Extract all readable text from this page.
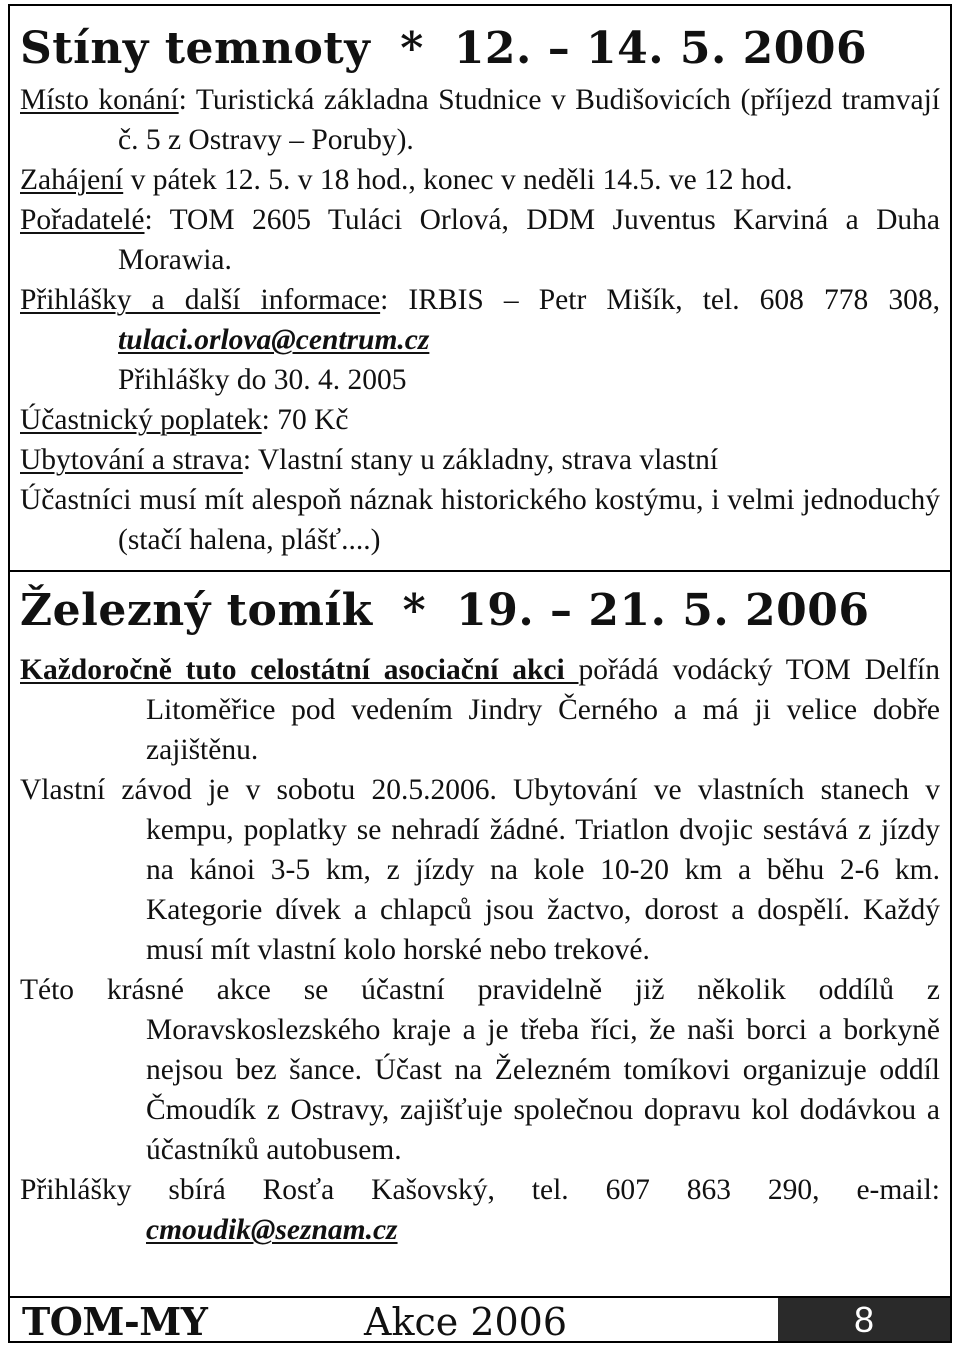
Stíny temnoty * 12. – 14. 5. 2006

Místo konání: Turistická základna Studnice v Budišovicích (příjezd tramvají č. 5 z Ostravy – Poruby).

Zahájení v pátek 12. 5. v 18 hod., konec v neděli 14.5. ve 12 hod.

Pořadatelé: TOM 2605 Tuláci Orlová, DDM Juventus Karviná a Duha Morawia.

Přihlášky a další informace: IRBIS – Petr Mišík, tel. 608 778 308, tulaci.orlova@centrum.cz

Přihlášky do 30. 4. 2005

Účastnický poplatek: 70 Kč

Ubytování a strava: Vlastní stany u základny, strava vlastní

Účastníci musí mít alespoň náznak historického kostýmu, i velmi jednoduchý (stačí halena, plášť....)

Železný tomík * 19. – 21. 5. 2006

Každoročně tuto celostátní asociační akci pořádá vodácký TOM Delfín Litoměřice pod vedením Jindry Černého a má ji velice dobře zajištěnu.

Vlastní závod je v sobotu 20.5.2006. Ubytování ve vlastních stanech v kempu, poplatky se nehradí žádné. Triatlon dvojic sestává z jízdy na kánoi 3-5 km, z jízdy na kole 10-20 km a běhu 2-6 km. Kategorie dívek a chlapců jsou žactvo, dorost a dospělí. Každý musí mít vlastní kolo horské nebo trekové.

Této krásné akce se účastní pravidelně již několik oddílů z Moravskoslezského kraje a je třeba říci, že naši borci a borkyně nejsou bez šance. Účast na Železném tomíkovi organizuje oddíl Čmoudík z Ostravy, zajišťuje společnou dopravu kol dodávkou a účastníků autobusem.

Přihlášky sbírá Rosťa Kašovský, tel. 607 863 290, e-mail: cmoudik@seznam.cz

TOM-MY	Akce 2006	8
